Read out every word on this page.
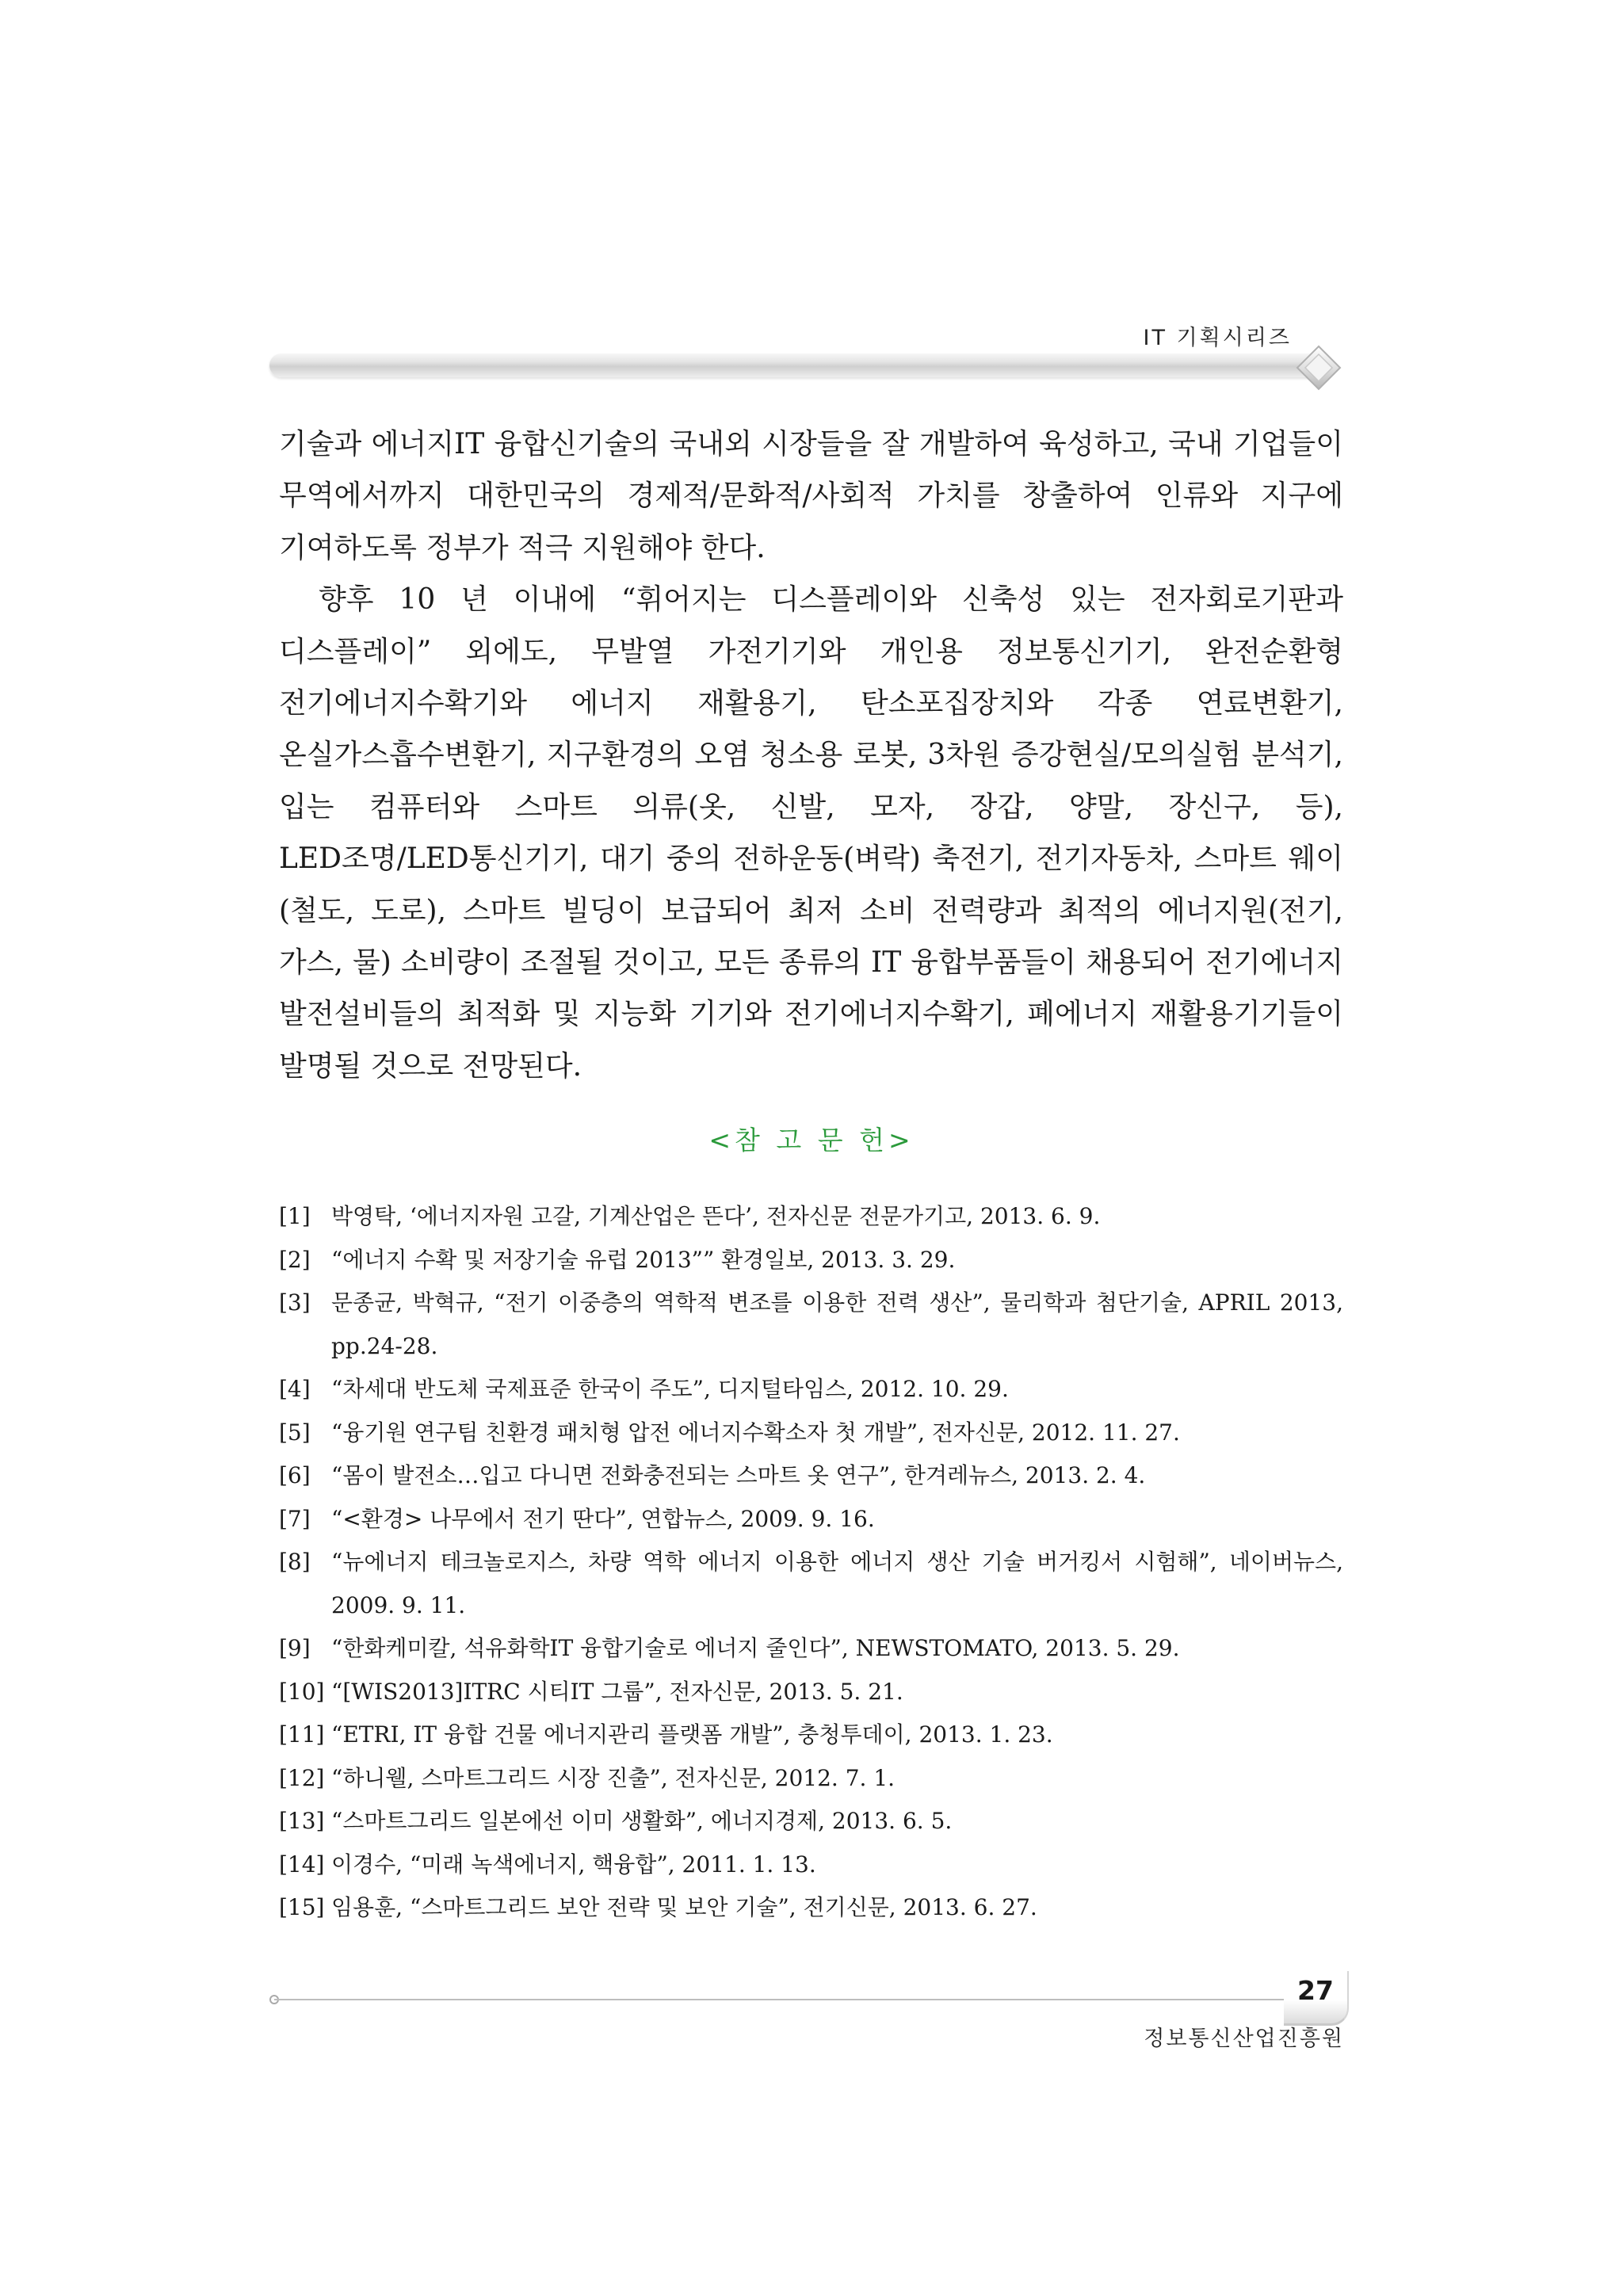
IT 기획시리즈

기술과 에너지IT 융합신기술의 국내외 시장들을 잘 개발하여 육성하고, 국내 기업들이 무역에서까지 대한민국의 경제적/문화적/사회적 가치를 창출하여 인류와 지구에 기여하도록 정부가 적극 지원해야 한다.

향후 10 년 이내에 “휘어지는 디스플레이와 신축성 있는 전자회로기판과 디스플레이” 외에도, 무발열 가전기기와 개인용 정보통신기기, 완전순환형 전기에너지수확기와 에너지 재활용기, 탄소포집장치와 각종 연료변환기, 온실가스흡수변환기, 지구환경의 오염 청소용 로봇, 3차원 증강현실/모의실험 분석기, 입는 컴퓨터와 스마트 의류(옷, 신발, 모자, 장갑, 양말, 장신구, 등), LED조명/LED통신기기, 대기 중의 전하운동(벼락) 축전기, 전기자동차, 스마트 웨이(철도, 도로), 스마트 빌딩이 보급되어 최저 소비 전력량과 최적의 에너지원(전기, 가스, 물) 소비량이 조절될 것이고, 모든 종류의 IT 융합부품들이 채용되어 전기에너지 발전설비들의 최적화 및 지능화 기기와 전기에너지수확기, 폐에너지 재활용기기들이 발명될 것으로 전망된다.

<참 고 문 헌>
[1] 박영탁, ‘에너지자원 고갈, 기계산업은 뜬다’, 전자신문 전문가기고, 2013. 6. 9.
[2] “에너지 수확 및 저장기술 유럽 2013”” 환경일보, 2013. 3. 29.
[3] 문종균, 박혁규, “전기 이중층의 역학적 변조를 이용한 전력 생산”, 물리학과 첨단기술, APRIL 2013, pp.24-28.
[4] “차세대 반도체 국제표준 한국이 주도”, 디지털타임스, 2012. 10. 29.
[5] “융기원 연구팀 친환경 패치형 압전 에너지수확소자 첫 개발”, 전자신문, 2012. 11. 27.
[6] “몸이 발전소…입고 다니면 전화충전되는 스마트 옷 연구”, 한겨레뉴스, 2013. 2. 4.
[7] “<환경> 나무에서 전기 딴다”, 연합뉴스, 2009. 9. 16.
[8] “뉴에너지 테크놀로지스, 차량 역학 에너지 이용한 에너지 생산 기술 버거킹서 시험해”, 네이버뉴스, 2009. 9. 11.
[9] “한화케미칼, 석유화학IT 융합기술로 에너지 줄인다”, NEWSTOMATO, 2013. 5. 29.
[10] “[WIS2013]ITRC 시티IT 그룹”, 전자신문, 2013. 5. 21.
[11] “ETRI, IT 융합 건물 에너지관리 플랫폼 개발”, 충청투데이, 2013. 1. 23.
[12] “하니웰, 스마트그리드 시장 진출”, 전자신문, 2012. 7. 1.
[13] “스마트그리드 일본에선 이미 생활화”, 에너지경제, 2013. 6. 5.
[14] 이경수, “미래 녹색에너지, 핵융합”, 2011. 1. 13.
[15] 임용훈, “스마트그리드 보안 전략 및 보안 기술”, 전기신문, 2013. 6. 27.
27
정보통신산업진흥원
